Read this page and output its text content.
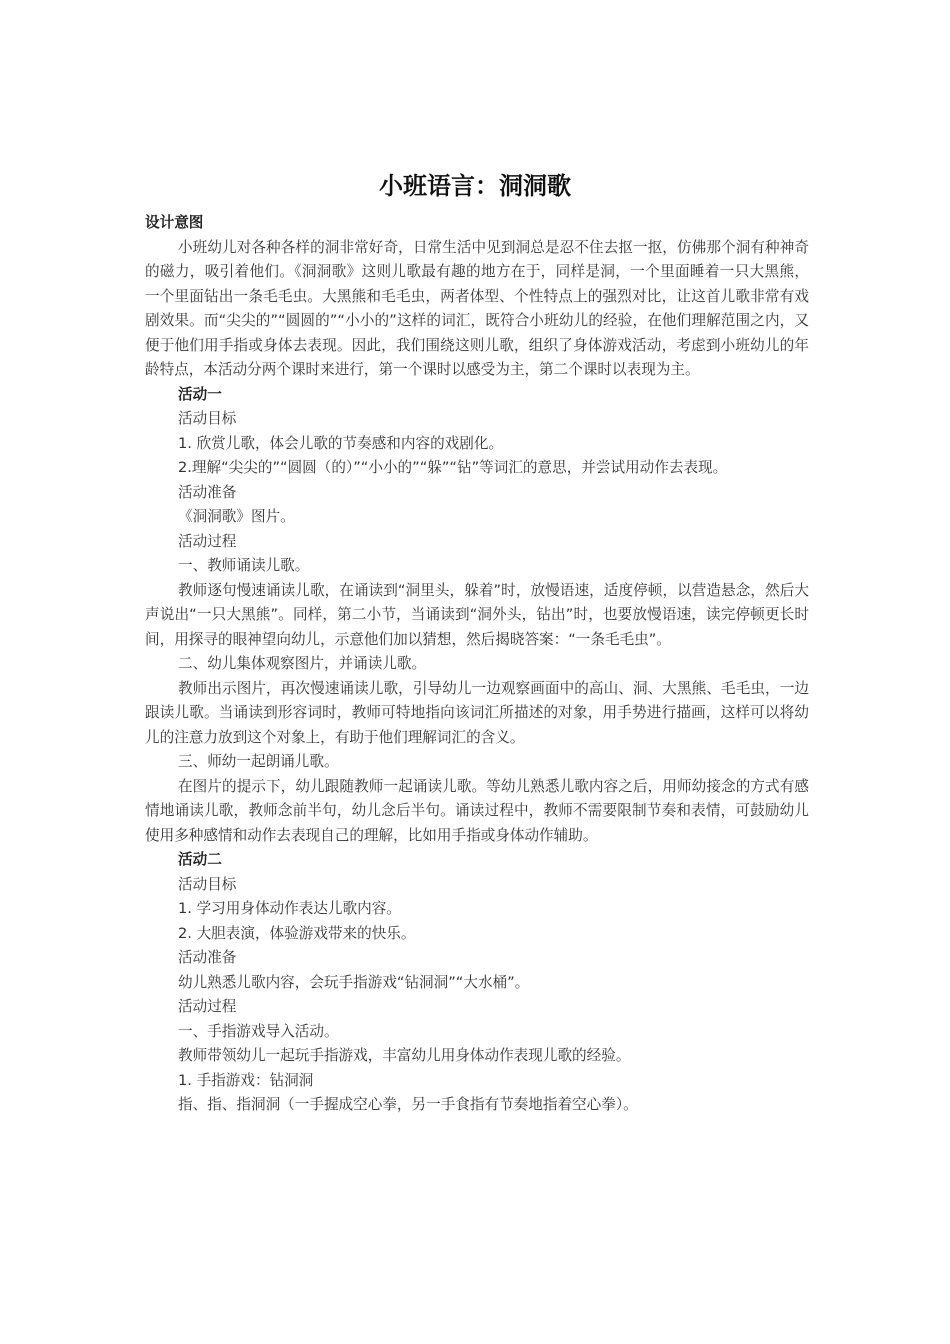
小班语言：洞洞歌

设计意图

小班幼儿对各种各样的洞非常好奇，日常生活中见到洞总是忍不住去抠一抠，仿佛那个洞有种神奇的磁力，吸引着他们。《洞洞歌》这则儿歌最有趣的地方在于，同样是洞，一个里面睡着一只大黑熊，一个里面钻出一条毛毛虫。大黑熊和毛毛虫，两者体型、个性特点上的强烈对比，让这首儿歌非常有戏剧效果。而“尖尖的”“圆圆的”“小小的”这样的词汇，既符合小班幼儿的经验，在他们理解范围之内，又便于他们用手指或身体去表现。因此，我们围绕这则儿歌，组织了身体游戏活动，考虑到小班幼儿的年龄特点，本活动分两个课时来进行，第一个课时以感受为主，第二个课时以表现为主。

活动一

活动目标

1. 欣赏儿歌，体会儿歌的节奏感和内容的戏剧化。

2.理解“尖尖的”“圆圆（的）”“小小的”“躲”“钻”等词汇的意思，并尝试用动作去表现。

活动准备

《洞洞歌》图片。

活动过程

一、教师诵读儿歌。

教师逐句慢速诵读儿歌，在诵读到“洞里头，躲着”时，放慢语速，适度停顿，以营造悬念，然后大声说出“一只大黑熊”。同样，第二小节，当诵读到“洞外头，钻出”时，也要放慢语速，读完停顿更长时间，用探寻的眼神望向幼儿，示意他们加以猜想，然后揭晓答案：“一条毛毛虫”。

二、幼儿集体观察图片，并诵读儿歌。

教师出示图片，再次慢速诵读儿歌，引导幼儿一边观察画面中的高山、洞、大黑熊、毛毛虫，一边跟读儿歌。当诵读到形容词时，教师可特地指向该词汇所描述的对象，用手势进行描画，这样可以将幼儿的注意力放到这个对象上，有助于他们理解词汇的含义。

三、师幼一起朗诵儿歌。

在图片的提示下，幼儿跟随教师一起诵读儿歌。等幼儿熟悉儿歌内容之后，用师幼接念的方式有感情地诵读儿歌，教师念前半句，幼儿念后半句。诵读过程中，教师不需要限制节奏和表情，可鼓励幼儿使用多种感情和动作去表现自己的理解，比如用手指或身体动作辅助。

活动二

活动目标

1. 学习用身体动作表达儿歌内容。

2. 大胆表演，体验游戏带来的快乐。

活动准备

幼儿熟悉儿歌内容，会玩手指游戏“钻洞洞”“大水桶”。

活动过程

一、手指游戏导入活动。

教师带领幼儿一起玩手指游戏，丰富幼儿用身体动作表现儿歌的经验。

1. 手指游戏：钻洞洞

指、指、指洞洞（一手握成空心拳，另一手食指有节奏地指着空心拳）。
